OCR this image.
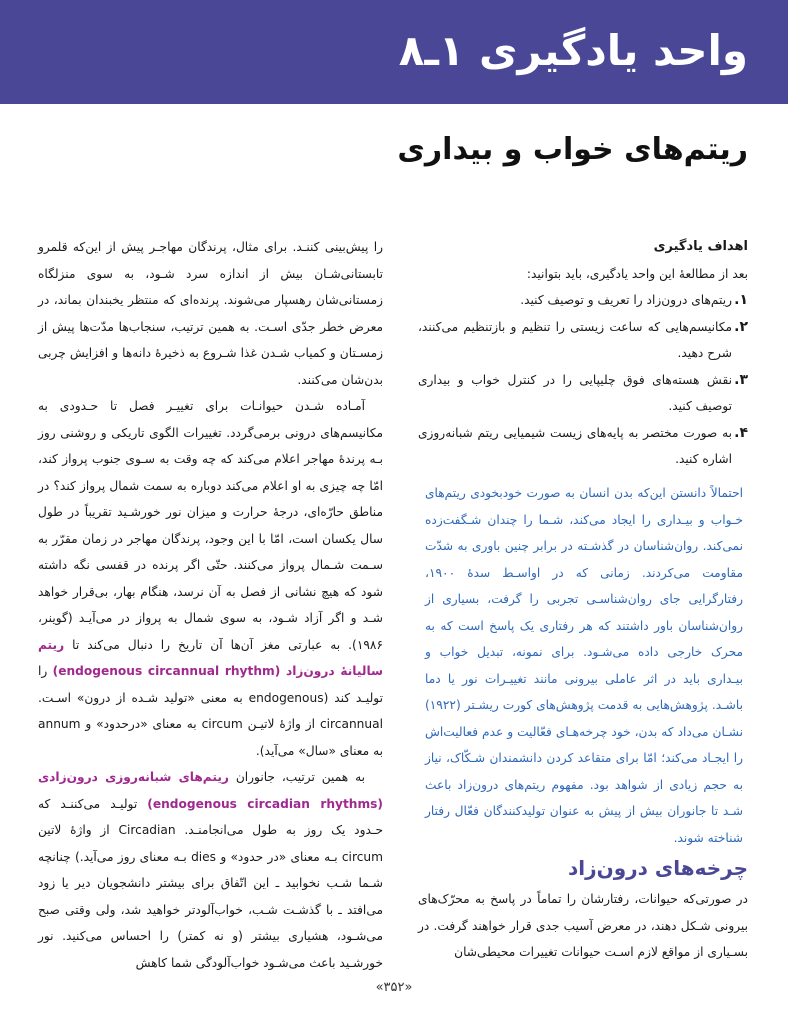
واحد یادگیری ۱ـ۸
ریتم‌های خواب و بیداری

اهداف یادگیری

بعد از مطالعهٔ این واحد یادگیری، باید بتوانید:

۱.
ریتم‌های درون‌زاد را تعریف و توصیف کنید.
۲.
مکانیسم‌هایی که ساعت زیستی را تنظیم و بازتنظیم می‌کنند، شرح دهید.
۳.
نقش هسته‌های فوق چلیپایی را در کنترل خواب و بیداری توصیف کنید.
۴.
به صورت مختصر به پایه‌های زیست شیمیایی ریتم شبانه‌روزی اشاره کنید.
احتمالاً دانستن این‌که بدن انسان به صورت خودبخودی ریتم‌های خـواب و بیـداری را ایجاد می‌کند، شـما را چندان شـگفت‌زده نمی‌کند. روان‌شناسان در گذشـته در برابر چنین باوری به شدّت مقاومت می‌کردند. زمانی که در اواسـط سدهٔ ۱۹۰۰، رفتارگرایی جای روان‌شناسـی تجربی را گرفت، بسیاری از روان‌شناسان باور داشتند که هر رفتاری یک پاسخ است که به محرک خارجی داده می‌شـود. برای نمونه، تبدیل خواب و بیـداری باید در اثر عاملی بیرونی مانند تغییـرات نور یا دما باشـد. پژوهش‌هایی به قدمت پژوهش‌های کورت ریشـتر (۱۹۲۲) نشـان می‌داد که بدن، خود چرخه‌هـای فعّالیت و عدم فعالیت‌اش را ایجـاد می‌کند؛ امّا برای متقاعد کردن دانشمندان شـکّاک، نیاز به حجم زیادی از شواهد بود. مفهوم ریتم‌های درون‌زاد باعث شـد تا جانوران بیش از پیش به عنوان تولیدکنندگان فعّال رفتار شناخته شوند.
چرخه‌های درون‌زاد
در صورتی‌که حیوانات، رفتارشان را تماماً در پاسخ به محرّک‌های بیرونی شـکل دهند، در معرض آسیب جدی قرار خواهند گرفت. در بسـیاری از مواقع لازم اسـت حیوانات تغییرات محیطی‌شان

را پیش‌بینی کننـد. برای مثال، پرندگان مهاجـر پیش از این‌که قلمرو تابستانی‌شـان بیش از اندازه سرد شـود، به سوی منزلگاه زمستانی‌شان رهسپار می‌شوند. پرنده‌ای که منتظر یخبندان بماند، در معرض خطر جدّی اسـت. به همین ترتیب، سنجاب‌ها مدّت‌ها پیش از زمسـتان و کمیاب شـدن غذا شـروع به ذخیرهٔ دانه‌ها و افزایش چربی بدن‌شان می‌کنند.

آمـاده شـدن حیوانـات برای تغییـر فصل تا حـدودی به مکانیسم‌های درونی برمی‌گردد. تغییرات الگوی تاریکی و روشنی روز بـه پرندهٔ مهاجر اعلام می‌کند که چه وقت به سـوی جنوب پرواز کند، امّا چه چیزی به او اعلام می‌کند دوباره به سمت شمال پرواز کند؟ در مناطق حارّه‌ای، درجهٔ حرارت و میزان نور خورشـید تقریباً در طول سال یکسان است، امّا با این وجود، پرندگان مهاجر در زمان مقرّر به سـمت شـمال پرواز می‌کنند. حتّی اگر پرنده در قفسی نگه داشته شود که هیچ نشانی از فصل به آن نرسد، هنگام بهار، بی‌قرار خواهد شـد و اگر آزاد شـود، به سوی شمال به پرواز در می‌آیـد (گوینر، ۱۹۸۶). به عبارتی مغز آن‌ها آن تاریخ را دنبال می‌کند تا ریتم سالیانهٔ درون‌زاد (endogenous circannual rhythm) را تولیـد کند (endogenous به معنی «تولید شـده از درون» اسـت. circannual از واژهٔ لاتیـن circum به معنای «درحدود» و annum به معنای «سال» می‌آید).

به همین ترتیب، جانوران ریتم‌های شبانه‌روزی درون‌زادی (endogenous circadian rhythms) تولیـد می‌کننـد که حـدود یک روز به طول می‌انجامنـد. Circadian از واژهٔ لاتین circum بـه معنای «در حدود» و dies بـه معنای روز می‌آید.) چنانچه شـما شـب نخوابید ـ این اتّفاق برای بیشتر دانشجویان دیر یا زود می‌افتد ـ با گذشـت شـب، خواب‌آلودتر خواهید شد، ولی وقتی صبح می‌شـود، هشیاری بیشتر (و نه کمتر) را احساس می‌کنید. نور خورشـید باعث می‌شـود خواب‌آلودگی شما کاهش

«۳۵۲»
